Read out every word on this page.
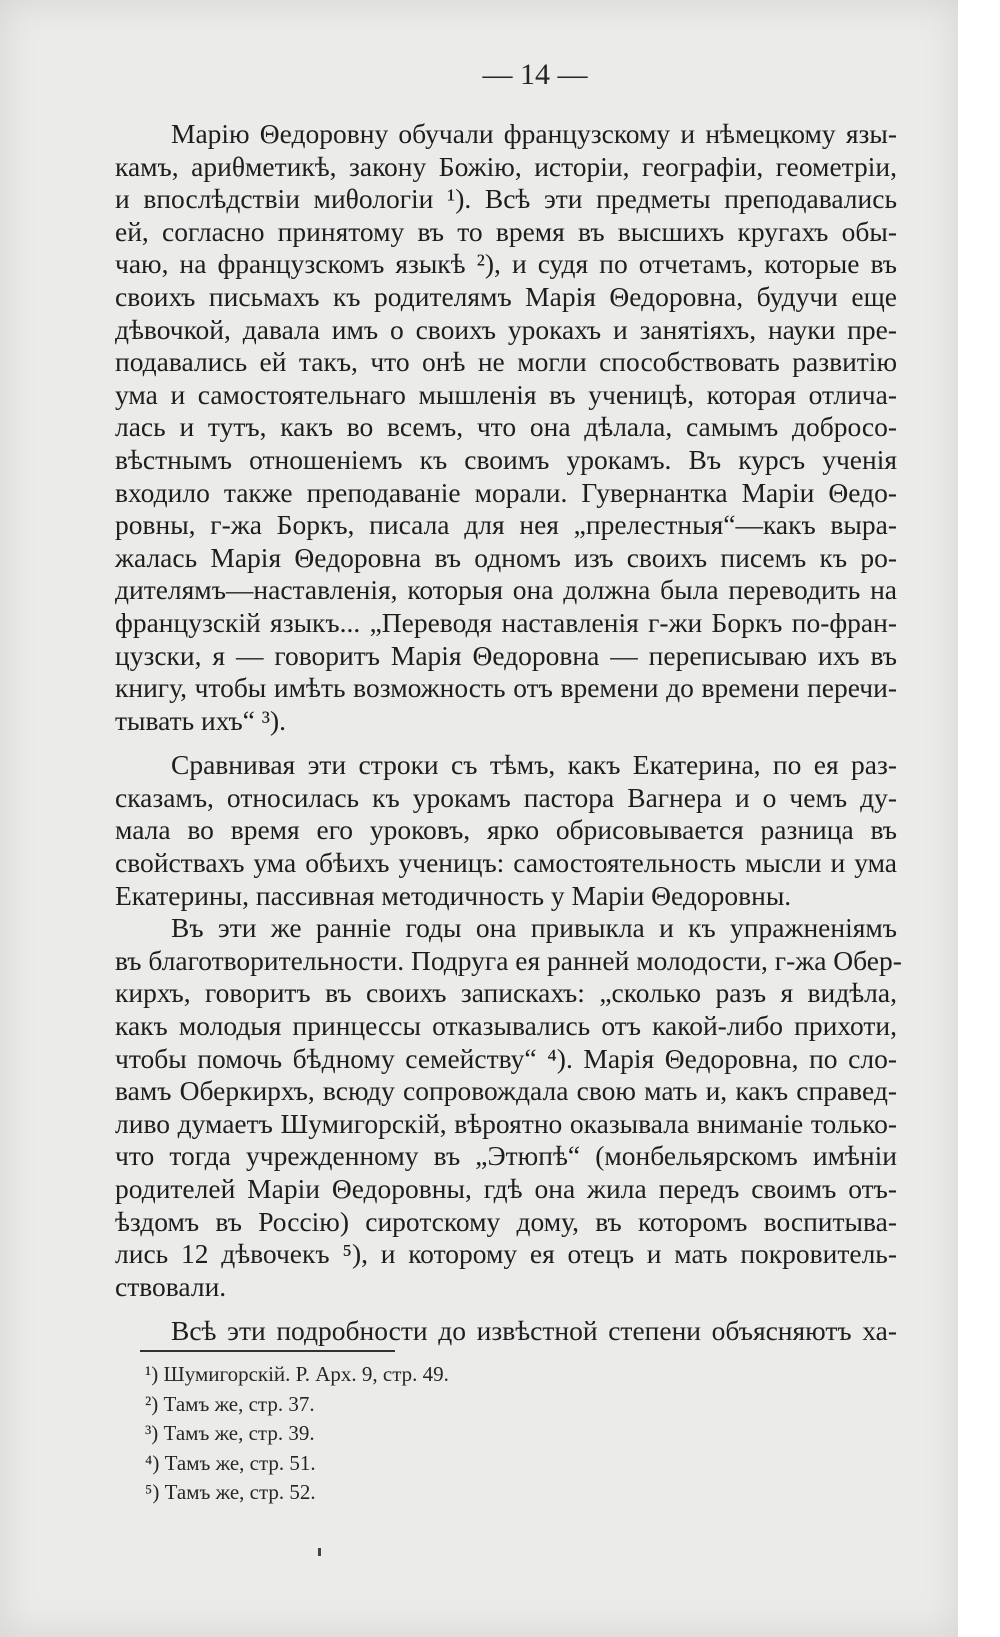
— 14 —
Марію Θедоровну обучали французскому и нѣмецкому язы-
камъ, ариθметикѣ, закону Божію, исторіи, географіи, геометріи,
и впослѣдствіи миθологіи ¹). Всѣ эти предметы преподавались
ей, согласно принятому въ то время въ высшихъ кругахъ обы-
чаю, на французскомъ языкѣ ²), и судя по отчетамъ, которые въ
своихъ письмахъ къ родителямъ Марія Θедоровна, будучи еще
дѣвочкой, давала имъ о своихъ урокахъ и занятіяхъ, науки пре-
подавались ей такъ, что онѣ не могли способствовать развитію
ума и самостоятельнаго мышленія въ ученицѣ, которая отлича-
лась и тутъ, какъ во всемъ, что она дѣлала, самымъ добросо-
вѣстнымъ отношеніемъ къ своимъ урокамъ. Въ курсъ ученія
входило также преподаваніе морали. Гувернантка Маріи Θедо-
ровны, г-жа Боркъ, писала для нея „прелестныя“—какъ выра-
жалась Марія Θедоровна въ одномъ изъ своихъ писемъ къ ро-
дителямъ—наставленія, которыя она должна была переводить на
французскій языкъ... „Переводя наставленія г-жи Боркъ по-фран-
цузски, я — говоритъ Марія Θедоровна — переписываю ихъ въ
книгу, чтобы имѣть возможность отъ времени до времени перечи-
тывать ихъ“ ³).
Сравнивая эти строки съ тѣмъ, какъ Екатерина, по ея раз-
сказамъ, относилась къ урокамъ пастора Вагнера и о чемъ ду-
мала во время его уроковъ, ярко обрисовывается разница въ
свойствахъ ума обѣихъ ученицъ: самостоятельность мысли и ума
Екатерины, пассивная методичность у Маріи Θедоровны.
Въ эти же ранніе годы она привыкла и къ упражненіямъ
въ благотворительности. Подруга ея ранней молодости, г-жа Обер-
кирхъ, говоритъ въ своихъ запискахъ: „сколько разъ я видѣла,
какъ молодыя принцессы отказывались отъ какой-либо прихоти,
чтобы помочь бѣдному семейству“ ⁴). Марія Θедоровна, по сло-
вамъ Оберкирхъ, всюду сопровождала свою мать и, какъ справед-
ливо думаетъ Шумигорскій, вѣроятно оказывала вниманіе только-
что тогда учрежденному въ „Этюпѣ“ (монбельярскомъ имѣніи
родителей Маріи Θедоровны, гдѣ она жила передъ своимъ отъ-
ѣздомъ въ Россію) сиротскому дому, въ которомъ воспитыва-
лись 12 дѣвочекъ ⁵), и которому ея отецъ и мать покровитель-
ствовали.
Всѣ эти подробности до извѣстной степени объясняютъ ха-
¹) Шумигорскій. Р. Арх. 9, стр. 49.
²) Тамъ же, стр. 37.
³) Тамъ же, стр. 39.
⁴) Тамъ же, стр. 51.
⁵) Тамъ же, стр. 52.
